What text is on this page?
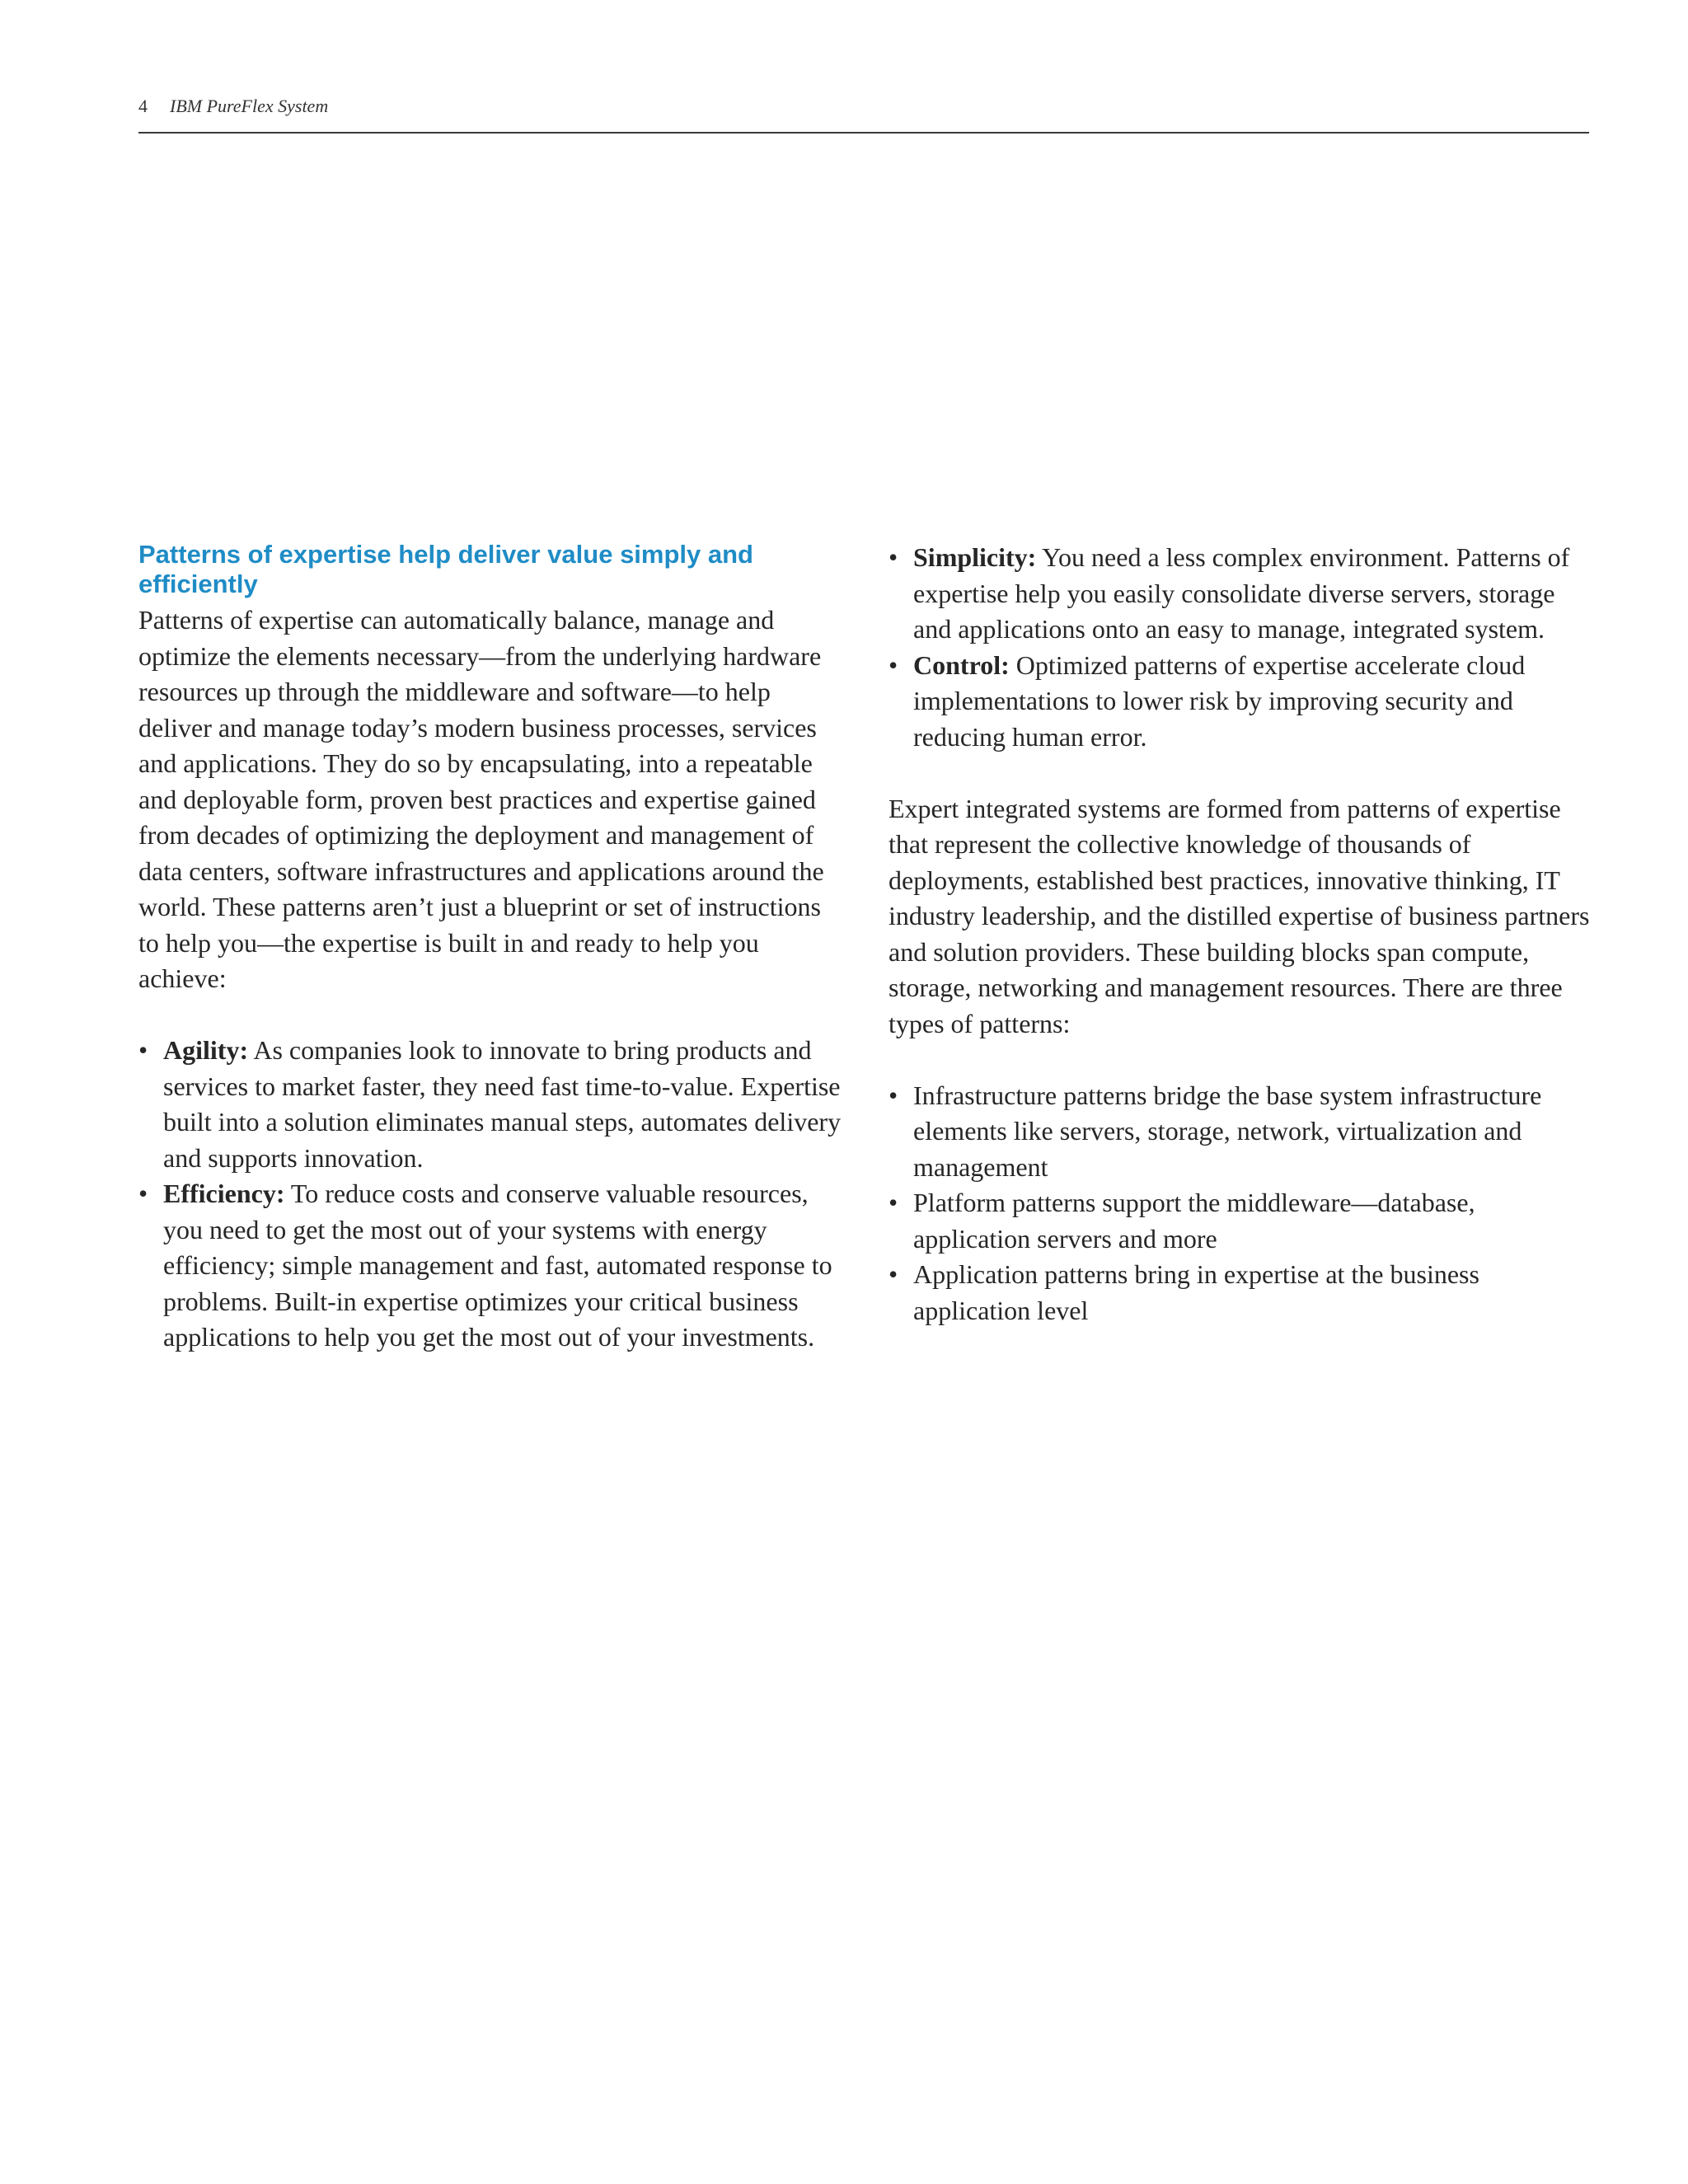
4 IBM PureFlex System
Patterns of expertise help deliver value simply and efficiently

Patterns of expertise can automatically balance, manage and optimize the elements necessary—from the underlying hardware resources up through the middleware and software—to help deliver and manage today’s modern business processes, services and applications. They do so by encapsulating, into a repeatable and deployable form, proven best practices and expertise gained from decades of optimizing the deployment and management of data centers, software infrastructures and applications around the world. These patterns aren’t just a blueprint or set of instructions to help you—the expertise is built in and ready to help you achieve:

• Agility: As companies look to innovate to bring products and services to market faster, they need fast time-to-value. Expertise built into a solution eliminates manual steps, automates delivery and supports innovation.
• Efficiency: To reduce costs and conserve valuable resources, you need to get the most out of your systems with energy efficiency; simple management and fast, automated response to problems. Built-in expertise optimizes your critical business applications to help you get the most out of your investments.
• Simplicity: You need a less complex environment. Patterns of expertise help you easily consolidate diverse servers, storage and applications onto an easy to manage, integrated system.
• Control: Optimized patterns of expertise accelerate cloud implementations to lower risk by improving security and reducing human error.

Expert integrated systems are formed from patterns of expertise that represent the collective knowledge of thousands of deployments, established best practices, innovative thinking, IT industry leadership, and the distilled expertise of business partners and solution providers. These building blocks span compute, storage, networking and management resources. There are three types of patterns:

• Infrastructure patterns bridge the base system infrastructure elements like servers, storage, network, virtualization and management
• Platform patterns support the middleware—database, application servers and more
• Application patterns bring in expertise at the business application level
